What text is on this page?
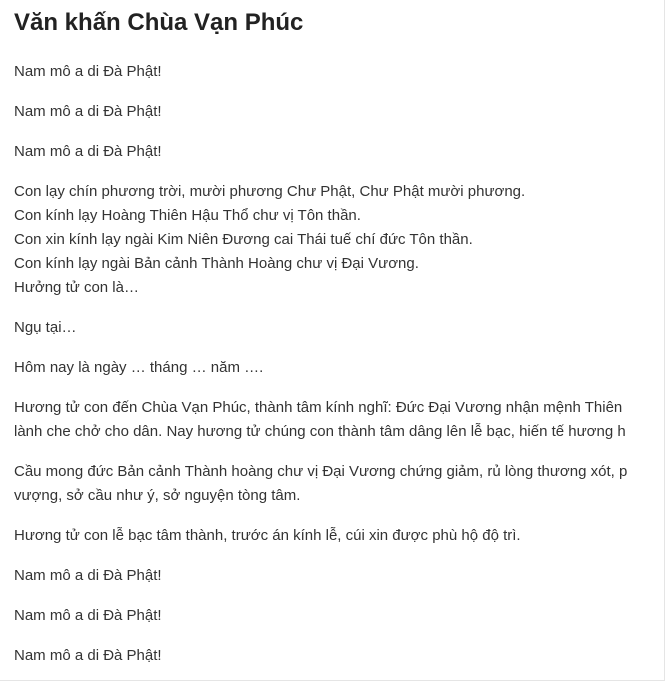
Văn khấn Chùa Vạn Phúc

Nam mô a di Đà Phật!

Nam mô a di Đà Phật!

Nam mô a di Đà Phật!

Con lạy chín phương trời, mười phương Chư Phật, Chư Phật mười phương.
Con kính lạy Hoàng Thiên Hậu Thổ chư vị Tôn thần.
Con xin kính lạy ngài Kim Niên Đương cai Thái tuế chí đức Tôn thần.
Con kính lạy ngài Bản cảnh Thành Hoàng chư vị Đại Vương.
Hưởng tử con là…

Ngụ tại…

Hôm nay là ngày … tháng … năm ….

Hương tử con đến Chùa Vạn Phúc, thành tâm kính nghĩ: Đức Đại Vương nhận mệnh Thiên
lành che chở cho dân. Nay hương tử chúng con thành tâm dâng lên lễ bạc, hiến tế hương h

Cầu mong đức Bản cảnh Thành hoàng chư vị Đại Vương chứng giảm, rủ lòng thương xót, p
vượng, sở cầu như ý, sở nguyện tòng tâm.

Hương tử con lễ bạc tâm thành, trước án kính lễ, cúi xin được phù hộ độ trì.

Nam mô a di Đà Phật!

Nam mô a di Đà Phật!

Nam mô a di Đà Phật!
